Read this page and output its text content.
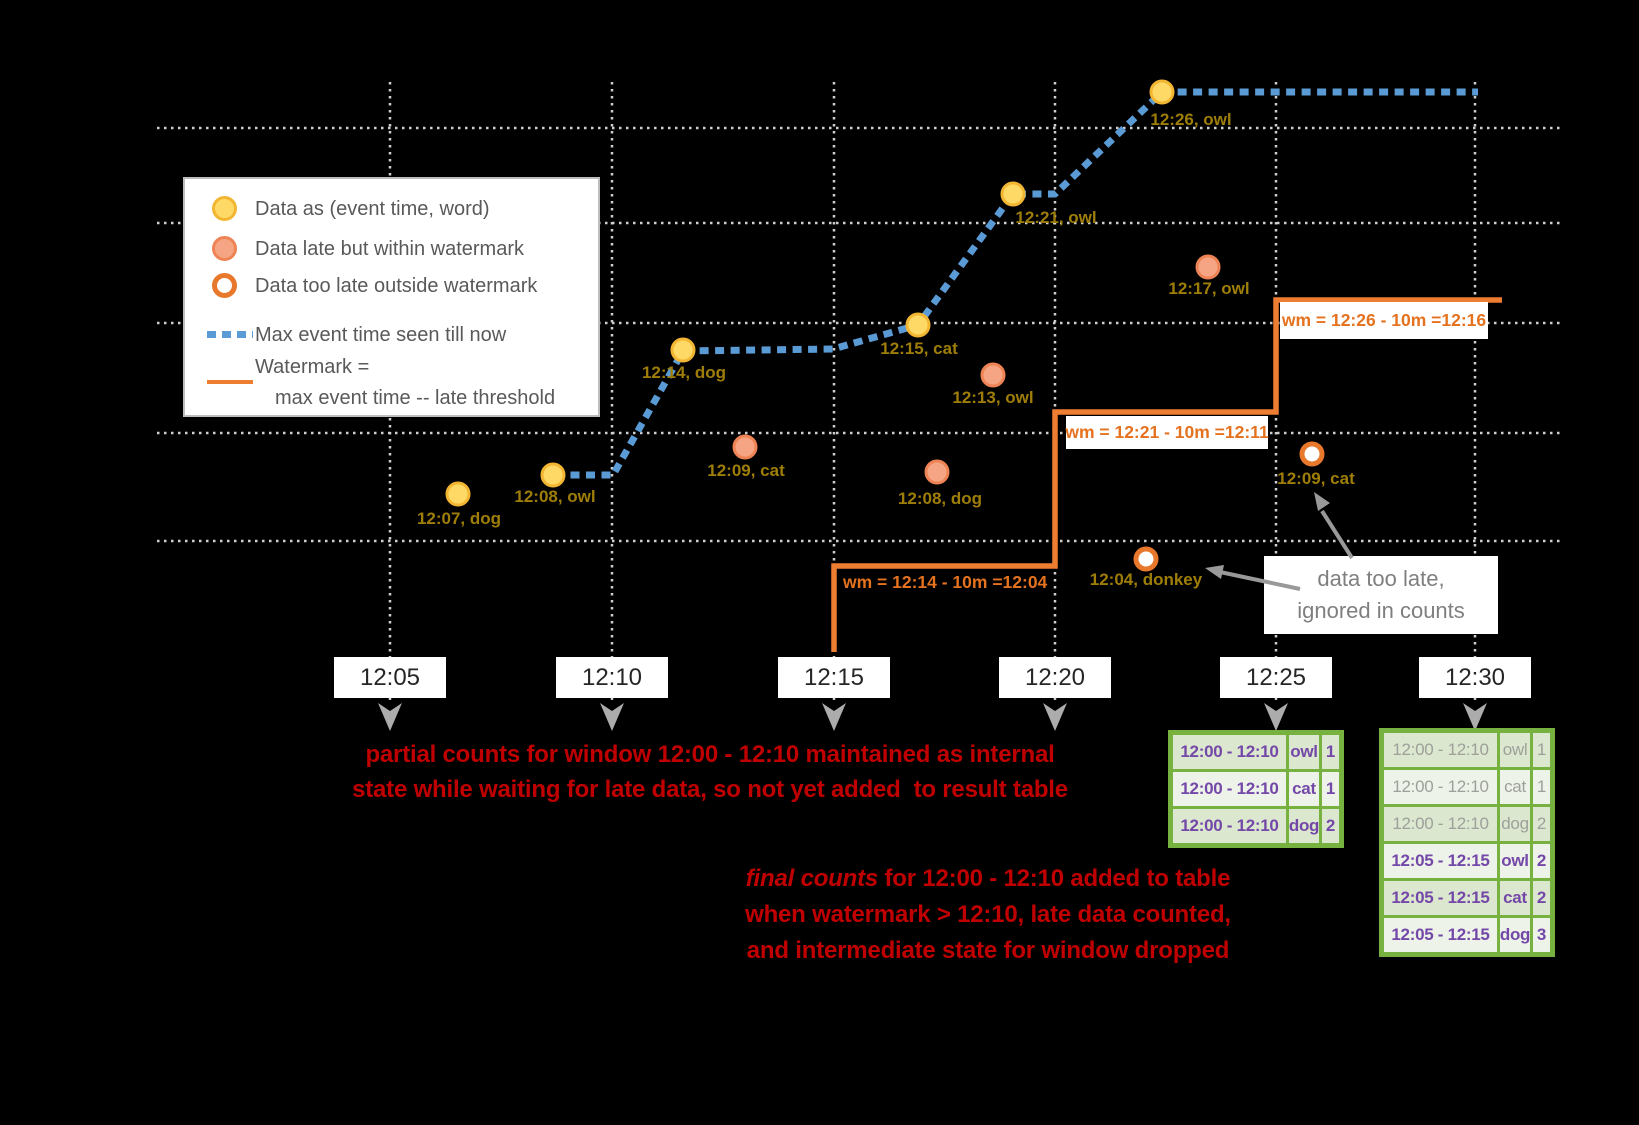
wm = 12:14 - 10m =12:04
wm = 12:21 - 10m =12:11
wm = 12:26 - 10m =12:16
12:07, dog
12:08, owl
12:14, dog
12:09, cat
12:15, cat
12:13, owl
12:08, dog
12:21, owl
12:26, owl
12:17, owl
12:04, donkey
12:09, cat
Data as (event time, word)
Data late but within watermark
Data too late outside watermark
Max event time seen till now
Watermark =
max event time -- late threshold
12:05	12:10	12:15	12:20	12:25	12:30
12:00 - 12:10 owl 1
12:00 - 12:10 cat 1
12:00 - 12:10 dog 2
12:00 - 12:10 owl 1
12:00 - 12:10 cat 1
12:00 - 12:10 dog 2
12:05 - 12:15 owl 2
12:05 - 12:15 cat 2
12:05 - 12:15 dog 3
partial counts for window 12:00 - 12:10 maintained as internal
state while waiting for late data, so not yet added  to result table
final counts for 12:00 - 12:10 added to table
when watermark > 12:10, late data counted,
and intermediate state for window dropped
data too late,
ignored in counts
